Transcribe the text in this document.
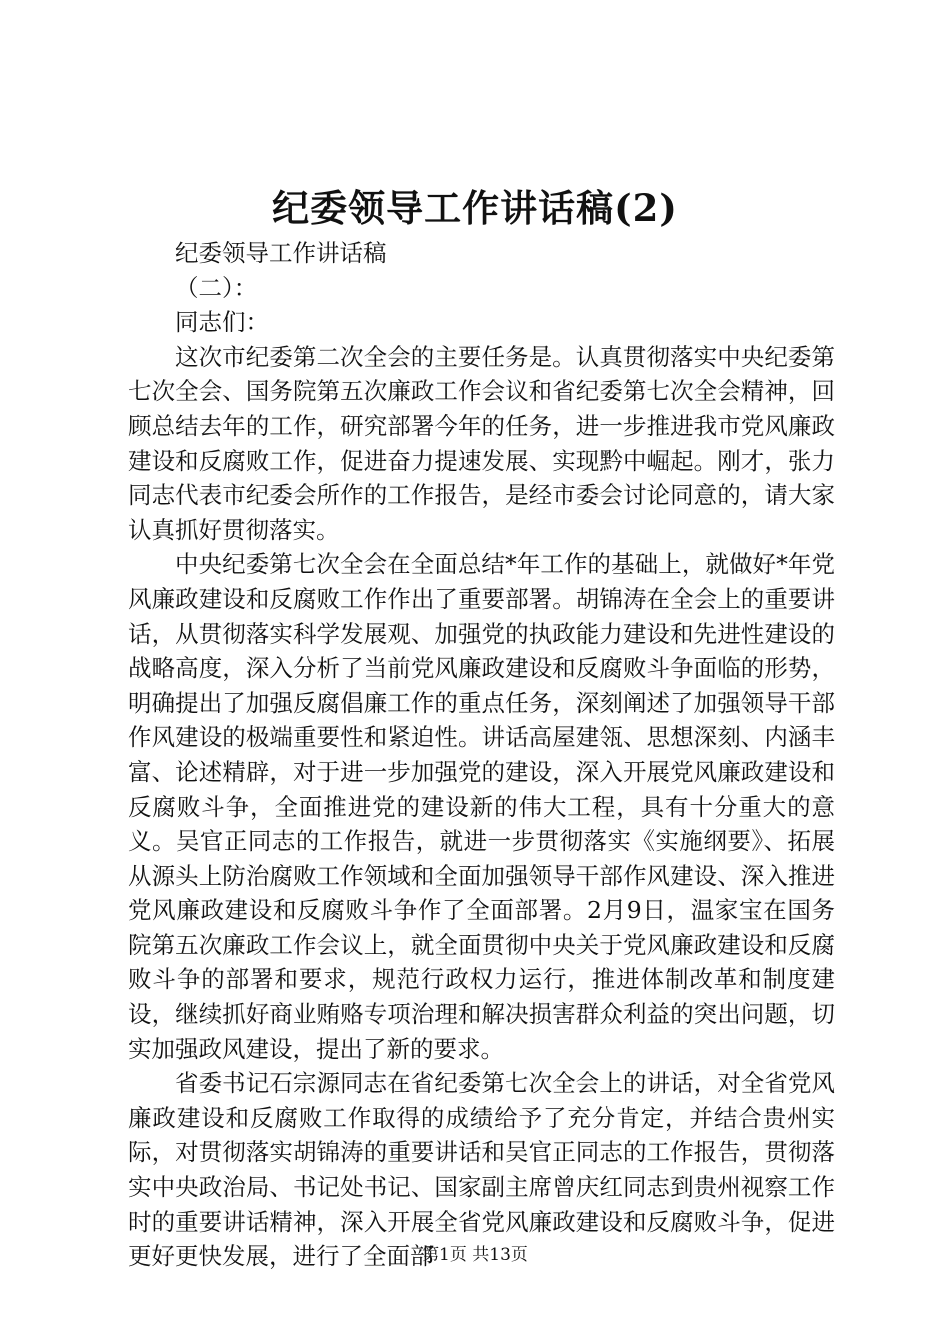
纪委领导工作讲话稿(2)

纪委领导工作讲话稿

（二）：

同志们：

这次市纪委第二次全会的主要任务是。认真贯彻落实中央纪委第七次全会、国务院第五次廉政工作会议和省纪委第七次全会精神，回顾总结去年的工作，研究部署今年的任务，进一步推进我市党风廉政建设和反腐败工作，促进奋力提速发展、实现黔中崛起。刚才，张力同志代表市纪委会所作的工作报告，是经市委会讨论同意的，请大家认真抓好贯彻落实。

中央纪委第七次全会在全面总结*年工作的基础上，就做好*年党风廉政建设和反腐败工作作出了重要部署。胡锦涛在全会上的重要讲话，从贯彻落实科学发展观、加强党的执政能力建设和先进性建设的战略高度，深入分析了当前党风廉政建设和反腐败斗争面临的形势，明确提出了加强反腐倡廉工作的重点任务，深刻阐述了加强领导干部作风建设的极端重要性和紧迫性。讲话高屋建瓴、思想深刻、内涵丰富、论述精辟，对于进一步加强党的建设，深入开展党风廉政建设和反腐败斗争，全面推进党的建设新的伟大工程，具有十分重大的意义。吴官正同志的工作报告，就进一步贯彻落实《实施纲要》、拓展从源头上防治腐败工作领域和全面加强领导干部作风建设、深入推进党风廉政建设和反腐败斗争作了全面部署。2月9日，温家宝在国务院第五次廉政工作会议上，就全面贯彻中央关于党风廉政建设和反腐败斗争的部署和要求，规范行政权力运行，推进体制改革和制度建设，继续抓好商业贿赂专项治理和解决损害群众利益的突出问题，切实加强政风建设，提出了新的要求。

省委书记石宗源同志在省纪委第七次全会上的讲话，对全省党风廉政建设和反腐败工作取得的成绩给予了充分肯定，并结合贵州实际，对贯彻落实胡锦涛的重要讲话和吴官正同志的工作报告，贯彻落实中央政治局、书记处书记、国家副主席曾庆红同志到贵州视察工作时的重要讲话精神，深入开展全省党风廉政建设和反腐败斗争，促进更好更快发展，进行了全面部

第1页 共13页
